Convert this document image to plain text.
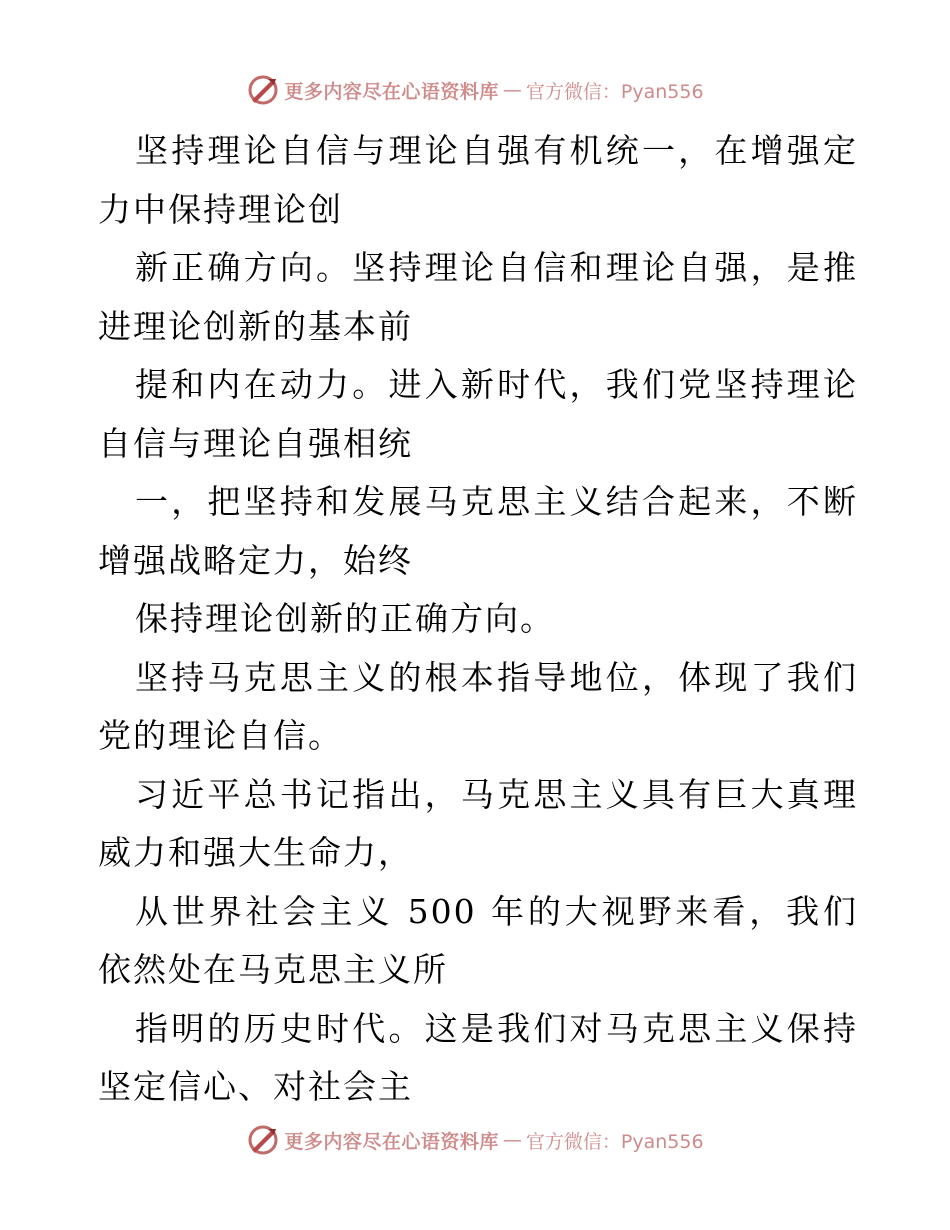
更多内容尽在心语资料库 — 官方微信：Pyan556

坚持理论自信与理论自强有机统一，在增强定力中保持理论创

新正确方向。坚持理论自信和理论自强，是推进理论创新的基本前

提和内在动力。进入新时代，我们党坚持理论自信与理论自强相统

一，把坚持和发展马克思主义结合起来，不断增强战略定力，始终

保持理论创新的正确方向。

坚持马克思主义的根本指导地位，体现了我们党的理论自信。

习近平总书记指出，马克思主义具有巨大真理威力和强大生命力，

从世界社会主义 500 年的大视野来看，我们依然处在马克思主义所

指明的历史时代。这是我们对马克思主义保持坚定信心、对社会主

更多内容尽在心语资料库 — 官方微信：Pyan556
